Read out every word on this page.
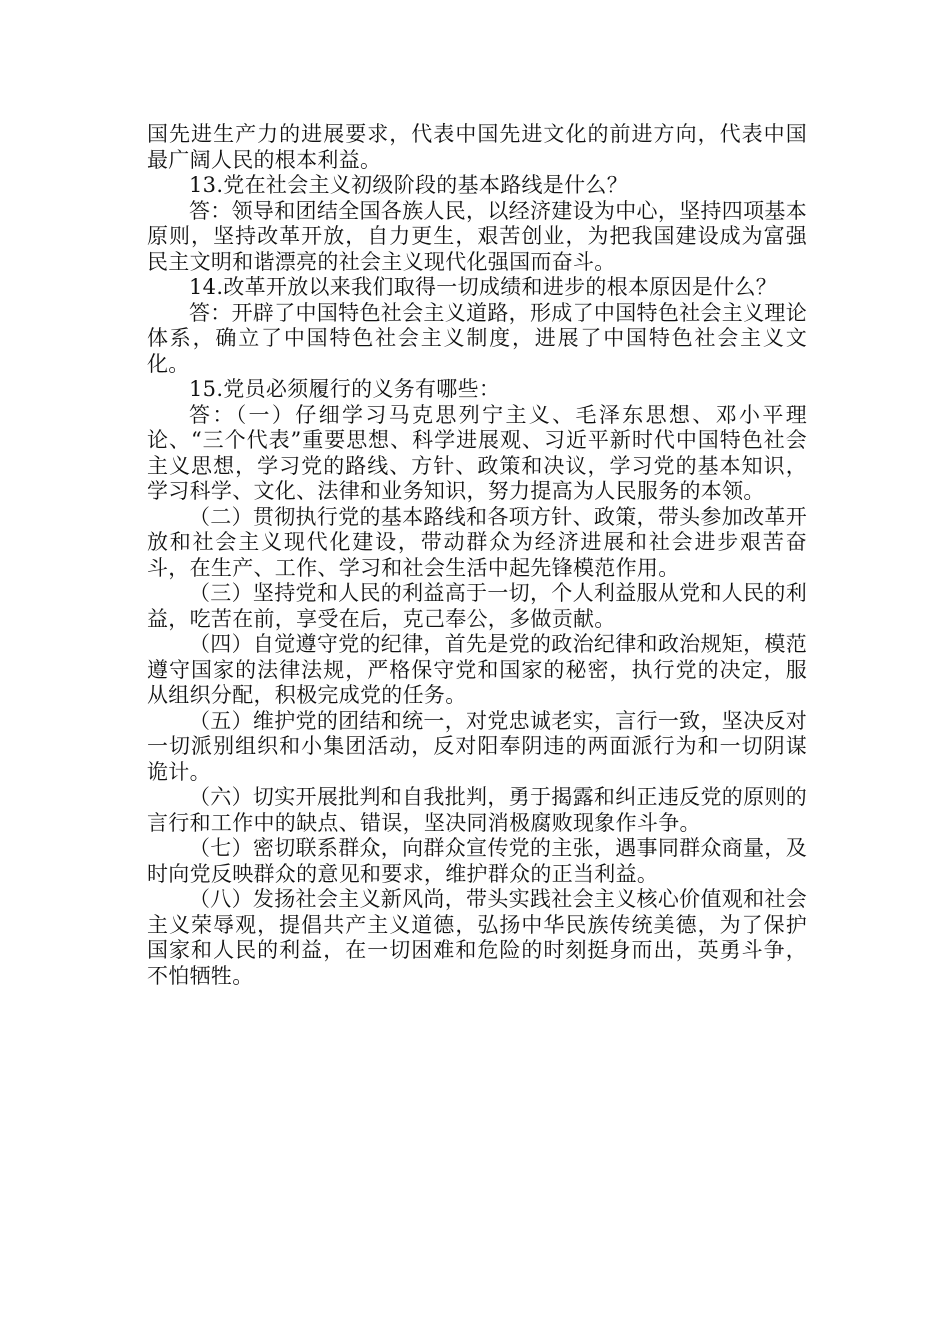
国先进生产力的进展要求，代表中国先进文化的前进方向，代表中国最广阔人民的根本利益。

13.党在社会主义初级阶段的基本路线是什么？

答：领导和团结全国各族人民，以经济建设为中心，坚持四项基本原则，坚持改革开放，自力更生，艰苦创业，为把我国建设成为富强民主文明和谐漂亮的社会主义现代化强国而奋斗。

14.改革开放以来我们取得一切成绩和进步的根本原因是什么？

答：开辟了中国特色社会主义道路，形成了中国特色社会主义理论体系，确立了中国特色社会主义制度，进展了中国特色社会主义文化。

15.党员必须履行的义务有哪些：

答：（一）仔细学习马克思列宁主义、毛泽东思想、邓小平理论、“三个代表”重要思想、科学进展观、习近平新时代中国特色社会主义思想，学习党的路线、方针、政策和决议，学习党的基本知识，学习科学、文化、法律和业务知识，努力提高为人民服务的本领。

（二）贯彻执行党的基本路线和各项方针、政策，带头参加改革开放和社会主义现代化建设，带动群众为经济进展和社会进步艰苦奋斗，在生产、工作、学习和社会生活中起先锋模范作用。

（三）坚持党和人民的利益高于一切，个人利益服从党和人民的利益，吃苦在前，享受在后，克己奉公，多做贡献。

（四）自觉遵守党的纪律，首先是党的政治纪律和政治规矩，模范遵守国家的法律法规，严格保守党和国家的秘密，执行党的决定，服从组织分配，积极完成党的任务。

（五）维护党的团结和统一，对党忠诚老实，言行一致，坚决反对一切派别组织和小集团活动，反对阳奉阴违的两面派行为和一切阴谋诡计。

（六）切实开展批判和自我批判，勇于揭露和纠正违反党的原则的言行和工作中的缺点、错误，坚决同消极腐败现象作斗争。

（七）密切联系群众，向群众宣传党的主张，遇事同群众商量，及时向党反映群众的意见和要求，维护群众的正当利益。

（八）发扬社会主义新风尚，带头实践社会主义核心价值观和社会主义荣辱观，提倡共产主义道德，弘扬中华民族传统美德，为了保护国家和人民的利益，在一切困难和危险的时刻挺身而出，英勇斗争，不怕牺牲。
